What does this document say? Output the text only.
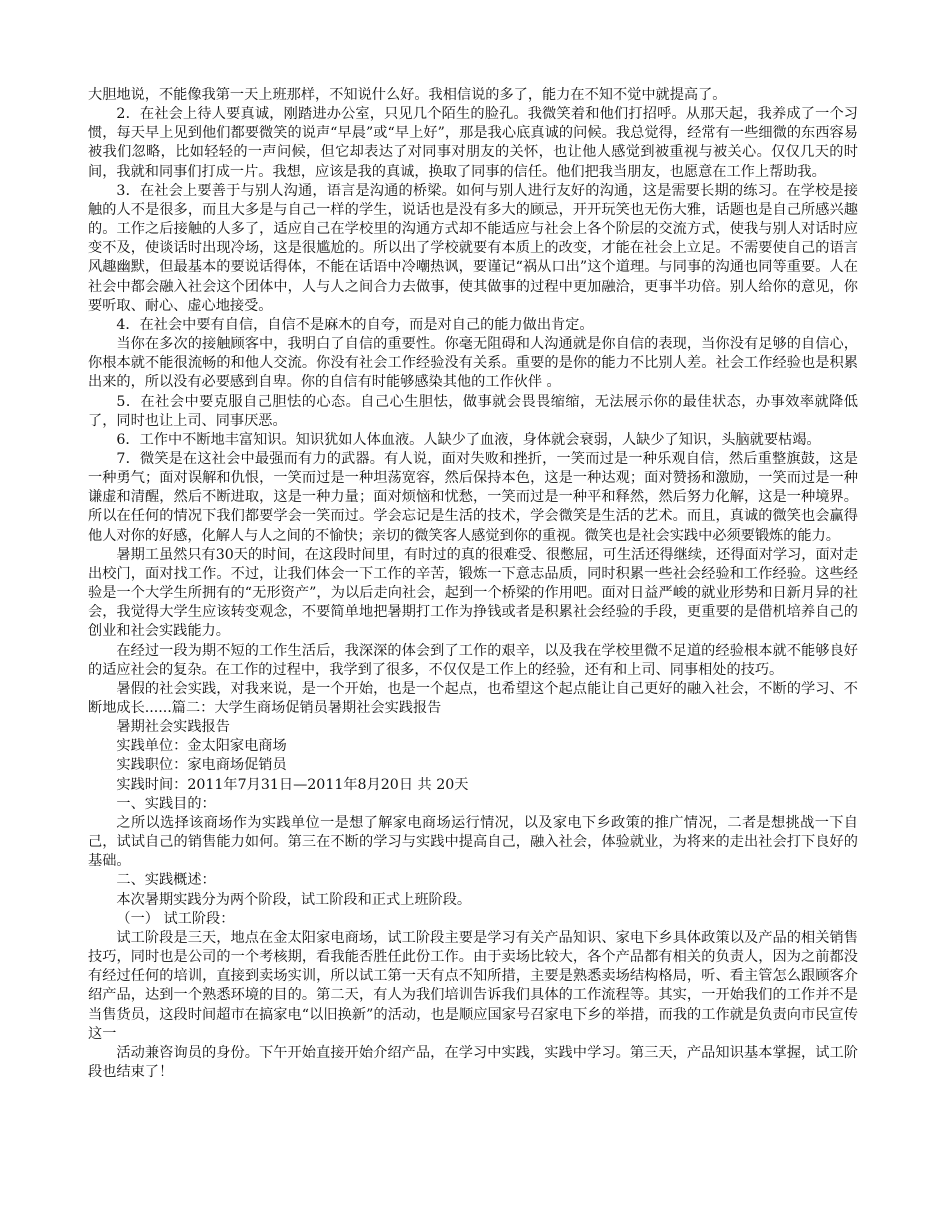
大胆地说，不能像我第一天上班那样，不知说什么好。我相信说的多了，能力在不知不觉中就提高了。

2．在社会上待人要真诚，刚踏进办公室，只见几个陌生的脸孔。我微笑着和他们打招呼。从那天起，我养成了一个习惯，每天早上见到他们都要微笑的说声“早晨”或“早上好”，那是我心底真诚的问候。我总觉得，经常有一些细微的东西容易被我们忽略，比如轻轻的一声问候，但它却表达了对同事对朋友的关怀，也让他人感觉到被重视与被关心。仅仅几天的时间，我就和同事们打成一片。我想，应该是我的真诚，换取了同事的信任。他们把我当朋友，也愿意在工作上帮助我。

3．在社会上要善于与别人沟通，语言是沟通的桥梁。如何与别人进行友好的沟通，这是需要长期的练习。在学校是接触的人不是很多，而且大多是与自己一样的学生，说话也是没有多大的顾忌，开开玩笑也无伤大雅，话题也是自己所感兴趣的。工作之后接触的人多了，适应自己在学校里的沟通方式却不能适应与社会上各个阶层的交流方式，使我与别人对话时应变不及，使谈话时出现冷场，这是很尴尬的。所以出了学校就要有本质上的改变，才能在社会上立足。不需要使自己的语言风趣幽默，但最基本的要说话得体，不能在话语中冷嘲热讽，要谨记“祸从口出”这个道理。与同事的沟通也同等重要。人在社会中都会融入社会这个团体中，人与人之间合力去做事，使其做事的过程中更加融洽，更事半功倍。别人给你的意见，你要听取、耐心、虚心地接受。

4．在社会中要有自信，自信不是麻木的自夸，而是对自己的能力做出肯定。

当你在多次的接触顾客中，我明白了自信的重要性。你毫无阻碍和人沟通就是你自信的表现，当你没有足够的自信心，你根本就不能很流畅的和他人交流。你没有社会工作经验没有关系。重要的是你的能力不比别人差。社会工作经验也是积累出来的，所以没有必要感到自卑。你的自信有时能够感染其他的工作伙伴 。

5．在社会中要克服自己胆怯的心态。自己心生胆怯，做事就会畏畏缩缩，无法展示你的最佳状态，办事效率就降低了，同时也让上司、同事厌恶。

6．工作中不断地丰富知识。知识犹如人体血液。人缺少了血液，身体就会衰弱，人缺少了知识，头脑就要枯竭。

7．微笑是在这社会中最强而有力的武器。有人说，面对失败和挫折，一笑而过是一种乐观自信，然后重整旗鼓，这是一种勇气；面对误解和仇恨，一笑而过是一种坦荡宽容，然后保持本色，这是一种达观；面对赞扬和激励，一笑而过是一种谦虚和清醒，然后不断进取，这是一种力量；面对烦恼和忧愁，一笑而过是一种平和释然，然后努力化解，这是一种境界。所以在任何的情况下我们都要学会一笑而过。学会忘记是生活的技术，学会微笑是生活的艺术。而且，真诚的微笑也会赢得他人对你的好感，化解人与人之间的不愉快；亲切的微笑客人感觉到你的重视。微笑也是社会实践中必须要锻炼的能力。

暑期工虽然只有30天的时间，在这段时间里，有时过的真的很难受、很憋屈，可生活还得继续，还得面对学习，面对走出校门，面对找工作。不过，让我们体会一下工作的辛苦，锻炼一下意志品质，同时积累一些社会经验和工作经验。这些经验是一个大学生所拥有的“无形资产”，为以后走向社会，起到一个桥梁的作用吧。面对日益严峻的就业形势和日新月异的社会，我觉得大学生应该转变观念，不要简单地把暑期打工作为挣钱或者是积累社会经验的手段，更重要的是借机培养自己的创业和社会实践能力。

在经过一段为期不短的工作生活后，我深深的体会到了工作的艰辛，以及我在学校里微不足道的经验根本就不能够良好的适应社会的复杂。在工作的过程中，我学到了很多，不仅仅是工作上的经验，还有和上司、同事相处的技巧。

暑假的社会实践，对我来说，是一个开始，也是一个起点，也希望这个起点能让自己更好的融入社会，不断的学习、不断地成长......篇二：大学生商场促销员暑期社会实践报告

暑期社会实践报告

实践单位：金太阳家电商场

实践职位：家电商场促销员

实践时间：2011年7月31日—2011年8月20日 共 20天

一、实践目的：

之所以选择该商场作为实践单位一是想了解家电商场运行情况，以及家电下乡政策的推广情况，二者是想挑战一下自己，试试自己的销售能力如何。第三在不断的学习与实践中提高自己，融入社会，体验就业，为将来的走出社会打下良好的基础。

二、实践概述：

本次暑期实践分为两个阶段，试工阶段和正式上班阶段。

（一） 试工阶段：

试工阶段是三天，地点在金太阳家电商场，试工阶段主要是学习有关产品知识、家电下乡具体政策以及产品的相关销售技巧，同时也是公司的一个考核期，看我能否胜任此份工作。由于卖场比较大，各个产品都有相关的负责人，因为之前都没有经过任何的培训，直接到卖场实训，所以试工第一天有点不知所措，主要是熟悉卖场结构格局，听、看主管怎么跟顾客介绍产品，达到一个熟悉环境的目的。第二天，有人为我们培训告诉我们具体的工作流程等。其实，一开始我们的工作并不是当售货员，这段时间超市在搞家电“以旧换新”的活动，也是顺应国家号召家电下乡的举措，而我的工作就是负责向市民宣传这一

活动兼咨询员的身份。下午开始直接开始介绍产品，在学习中实践，实践中学习。第三天，产品知识基本掌握，试工阶段也结束了！
